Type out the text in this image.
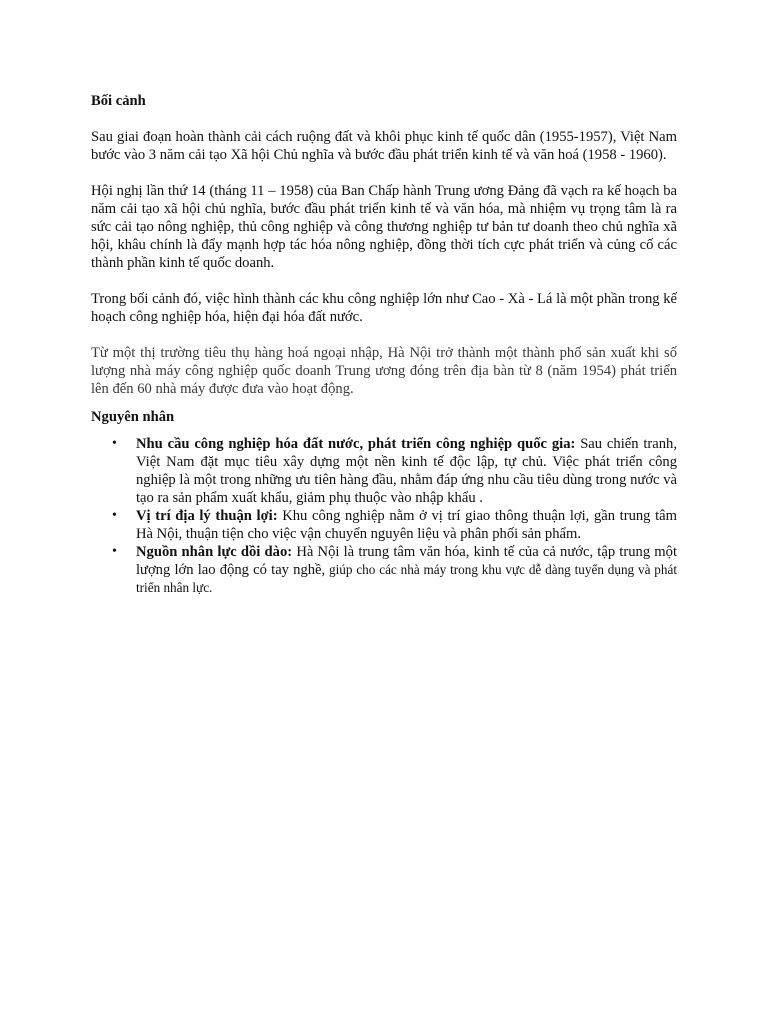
Bối cảnh

Sau giai đoạn hoàn thành cải cách ruộng đất và khôi phục kinh tế quốc dân (1955-1957), Việt Nam bước vào 3 năm cải tạo Xã hội Chủ nghĩa và bước đầu phát triển kinh tế và văn hoá (1958 - 1960).

Hội nghị lần thứ 14 (tháng 11 – 1958) của Ban Chấp hành Trung ương Đảng đã vạch ra kế hoạch ba năm cải tạo xã hội chủ nghĩa, bước đầu phát triển kinh tế và văn hóa, mà nhiệm vụ trọng tâm là ra sức cải tạo nông nghiệp, thủ công nghiệp và công thương nghiệp tư bản tư doanh theo chủ nghĩa xã hội, khâu chính là đẩy mạnh hợp tác hóa nông nghiệp, đồng thời tích cực phát triển và củng cố các thành phần kinh tế quốc doanh.

Trong bối cảnh đó, việc hình thành các khu công nghiệp lớn như Cao - Xà - Lá là một phần trong kế hoạch công nghiệp hóa, hiện đại hóa đất nước.

Từ một thị trường tiêu thụ hàng hoá ngoại nhập, Hà Nội trở thành một thành phố sản xuất khi số lượng nhà máy công nghiệp quốc doanh Trung ương đóng trên địa bàn từ 8 (năm 1954) phát triển lên đến 60 nhà máy được đưa vào hoạt động.

Nguyên nhân
• Nhu cầu công nghiệp hóa đất nước, phát triển công nghiệp quốc gia: Sau chiến tranh, Việt Nam đặt mục tiêu xây dựng một nền kinh tế độc lập, tự chủ. Việc phát triển công nghiệp là một trong những ưu tiên hàng đầu, nhằm đáp ứng nhu cầu tiêu dùng trong nước và tạo ra sản phẩm xuất khẩu, giảm phụ thuộc vào nhập khẩu .
• Vị trí địa lý thuận lợi: Khu công nghiệp nằm ở vị trí giao thông thuận lợi, gần trung tâm Hà Nội, thuận tiện cho việc vận chuyển nguyên liệu và phân phối sản phẩm.
• Nguồn nhân lực dồi dào: Hà Nội là trung tâm văn hóa, kinh tế của cả nước, tập trung một lượng lớn lao động có tay nghề, giúp cho các nhà máy trong khu vực dễ dàng tuyển dụng và phát triển nhân lực.
